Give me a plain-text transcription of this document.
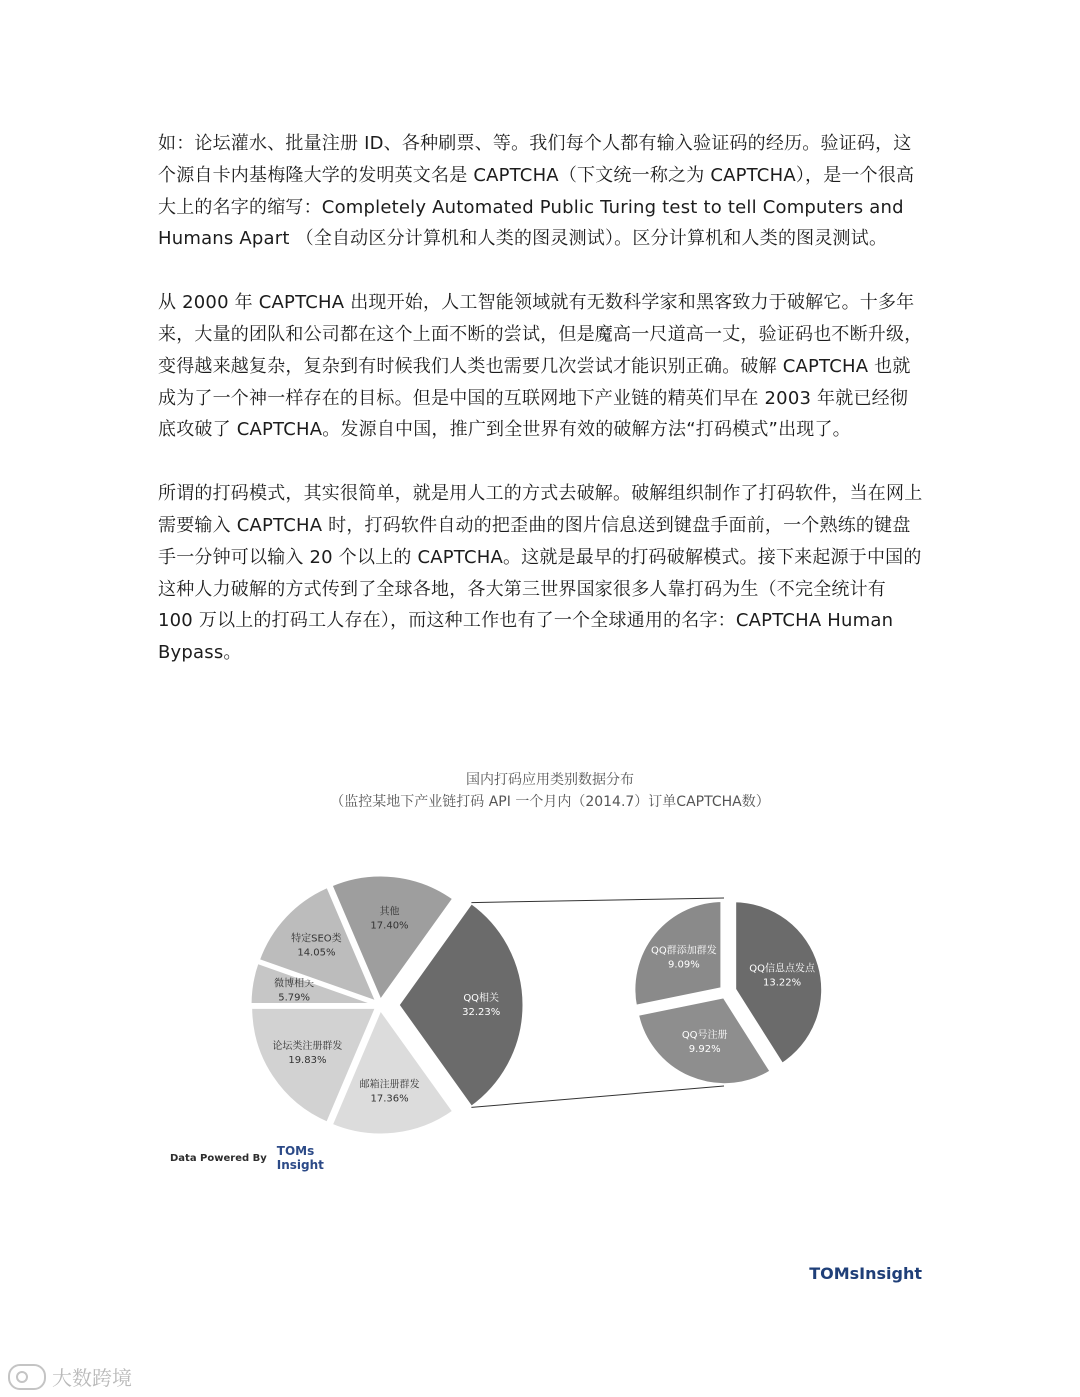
如：论坛灌水、批量注册 ID、各种刷票、等。我们每个人都有输入验证码的经历。验证码，这个源自卡内基梅隆大学的发明英文名是 CAPTCHA（下文统一称之为 CAPTCHA），是一个很高大上的名字的缩写：Completely Automated Public Turing test to tell Computers and Humans Apart （全自动区分计算机和人类的图灵测试）。区分计算机和人类的图灵测试。

从 2000 年 CAPTCHA 出现开始，人工智能领域就有无数科学家和黑客致力于破解它。十多年来，大量的团队和公司都在这个上面不断的尝试，但是魔高一尺道高一丈，验证码也不断升级，变得越来越复杂，复杂到有时候我们人类也需要几次尝试才能识别正确。破解 CAPTCHA 也就成为了一个神一样存在的目标。但是中国的互联网地下产业链的精英们早在 2003 年就已经彻底攻破了 CAPTCHA。发源自中国，推广到全世界有效的破解方法“打码模式”出现了。

所谓的打码模式，其实很简单，就是用人工的方式去破解。破解组织制作了打码软件，当在网上需要输入 CAPTCHA 时，打码软件自动的把歪曲的图片信息送到键盘手面前，一个熟练的键盘手一分钟可以输入 20 个以上的 CAPTCHA。这就是最早的打码破解模式。接下来起源于中国的这种人力破解的方式传到了全球各地，各大第三世界国家很多人靠打码为生（不完全统计有 100 万以上的打码工人存在），而这种工作也有了一个全球通用的名字：CAPTCHA Human Bypass。

国内打码应用类别数据分布
（监控某地下产业链打码 API 一个月内（2014.7）订单CAPTCHA数）
QQ相关
32.23%
邮箱注册群发
17.36%
论坛类注册群发
19.83%
微博相关
5.79%
特定SEO类
14.05%
其他
17.40%
QQ信息点发点
13.22%
QQ号注册
9.92%
QQ群添加群发
9.09%
Data Powered By TOMs
Insight
TOMsInsight
大数跨境
